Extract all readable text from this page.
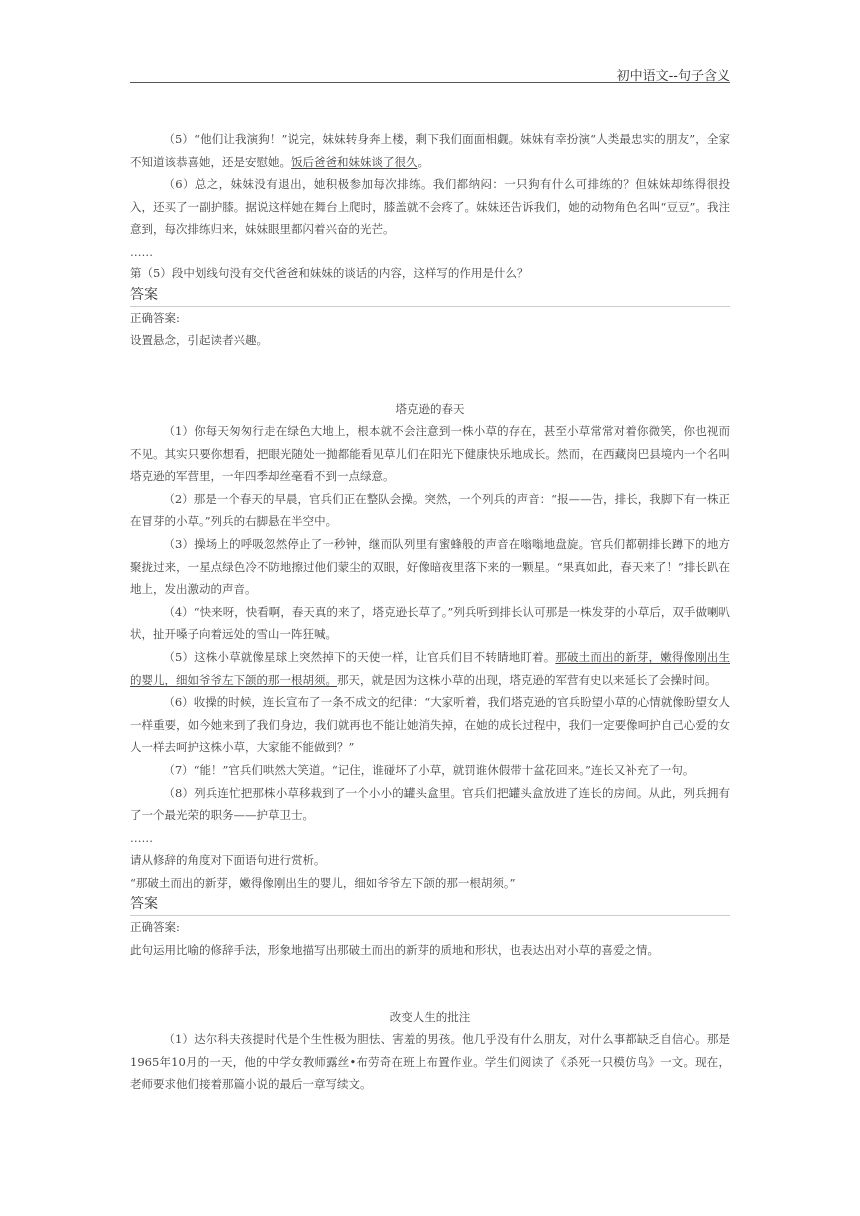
初中语文--句子含义

（5）“他们让我演狗！”说完，妹妹转身奔上楼，剩下我们面面相觑。妹妹有幸扮演“人类最忠实的朋友”，全家不知道该恭喜她，还是安慰她。饭后爸爸和妹妹谈了很久。

（6）总之，妹妹没有退出，她积极参加每次排练。我们都纳闷：一只狗有什么可排练的？但妹妹却练得很投入，还买了一副护膝。据说这样她在舞台上爬时，膝盖就不会疼了。妹妹还告诉我们，她的动物角色名叫“豆豆”。我注意到，每次排练归来，妹妹眼里都闪着兴奋的光芒。

……

第（5）段中划线句没有交代爸爸和妹妹的谈话的内容，这样写的作用是什么？

答案

正确答案:

设置悬念，引起读者兴趣。

塔克逊的春天

（1）你每天匆匆行走在绿色大地上，根本就不会注意到一株小草的存在，甚至小草常常对着你微笑，你也视而不见。其实只要你想看，把眼光随处一抛都能看见草儿们在阳光下健康快乐地成长。然而，在西藏岗巴县境内一个名叫塔克逊的军营里，一年四季却丝毫看不到一点绿意。

（2）那是一个春天的早晨，官兵们正在整队会操。突然，一个列兵的声音：“报——告，排长，我脚下有一株正在冒芽的小草。”列兵的右脚悬在半空中。

（3）操场上的呼吸忽然停止了一秒钟，继而队列里有蜜蜂般的声音在嗡嗡地盘旋。官兵们都朝排长蹲下的地方聚拢过来，一星点绿色冷不防地擦过他们蒙尘的双眼，好像暗夜里落下来的一颗星。“果真如此，春天来了！”排长趴在地上，发出激动的声音。

（4）“快来呀，快看啊，春天真的来了，塔克逊长草了。”列兵听到排长认可那是一株发芽的小草后，双手做喇叭状，扯开嗓子向着远处的雪山一阵狂喊。

（5）这株小草就像星球上突然掉下的天使一样，让官兵们目不转睛地盯着。那破土而出的新芽，嫩得像刚出生的婴儿，细如爷爷左下颌的那一根胡须。那天，就是因为这株小草的出现，塔克逊的军营有史以来延长了会操时间。

（6）收操的时候，连长宣布了一条不成文的纪律：“大家听着，我们塔克逊的官兵盼望小草的心情就像盼望女人一样重要，如今她来到了我们身边，我们就再也不能让她消失掉，在她的成长过程中，我们一定要像呵护自己心爱的女人一样去呵护这株小草，大家能不能做到？”

（7）“能！”官兵们哄然大笑道。“记住，谁碰坏了小草，就罚谁休假带十盆花回来。”连长又补充了一句。

（8）列兵连忙把那株小草移栽到了一个小小的罐头盒里。官兵们把罐头盒放进了连长的房间。从此，列兵拥有了一个最光荣的职务——护草卫士。

……

请从修辞的角度对下面语句进行赏析。

“那破土而出的新芽，嫩得像刚出生的婴儿，细如爷爷左下颌的那一根胡须。”

答案

正确答案:

此句运用比喻的修辞手法，形象地描写出那破土而出的新芽的质地和形状，也表达出对小草的喜爱之情。

改变人生的批注

（1）达尔科夫孩提时代是个生性极为胆怯、害羞的男孩。他几乎没有什么朋友，对什么事都缺乏自信心。那是1965年10月的一天，他的中学女教师露丝•布劳奇在班上布置作业。学生们阅读了《杀死一只模仿鸟》一文。现在，老师要求他们接着那篇小说的最后一章写续文。
